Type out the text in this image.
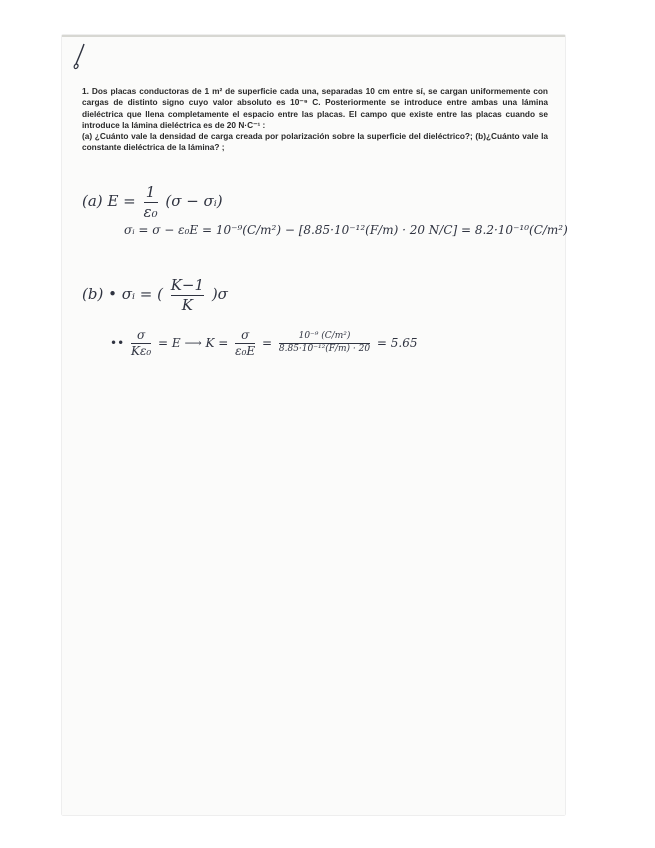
1. Dos placas conductoras de 1 m² de superficie cada una, separadas 10 cm entre sí, se cargan uniformemente con cargas de distinto signo cuyo valor absoluto es 10⁻⁹ C. Posteriormente se introduce entre ambas una lámina dieléctrica que llena completamente el espacio entre las placas. El campo que existe entre las placas cuando se introduce la lámina dieléctrica es de 20 N·C⁻¹ :

(a) ¿Cuánto vale la densidad de carga creada por polarización sobre la superficie del dieléctrico?; (b)¿Cuánto vale la constante dieléctrica de la lámina? ;

(a) $E = \frac{1}{\text{ε₀}} (\sigma$ − σᵢ)
σᵢ = σ − ε₀E = 10⁻⁹(C/m²) − [8.85·10⁻¹²(F/m) · 20 N/C] = 8.2·10⁻¹⁰(C/m²)
(b) • σᵢ = ( $\frac{K-1}{K} )\sigma$
•• $\frac{\sigma}{\text{Kε₀}} = E$ ⟶ $K = \frac{\sigma}{\text{ε₀E}} = \frac{\text{10⁻⁹ (C/m²)}}{\text{8.85·10⁻¹²(F/m) · 20}} = 5.65$
